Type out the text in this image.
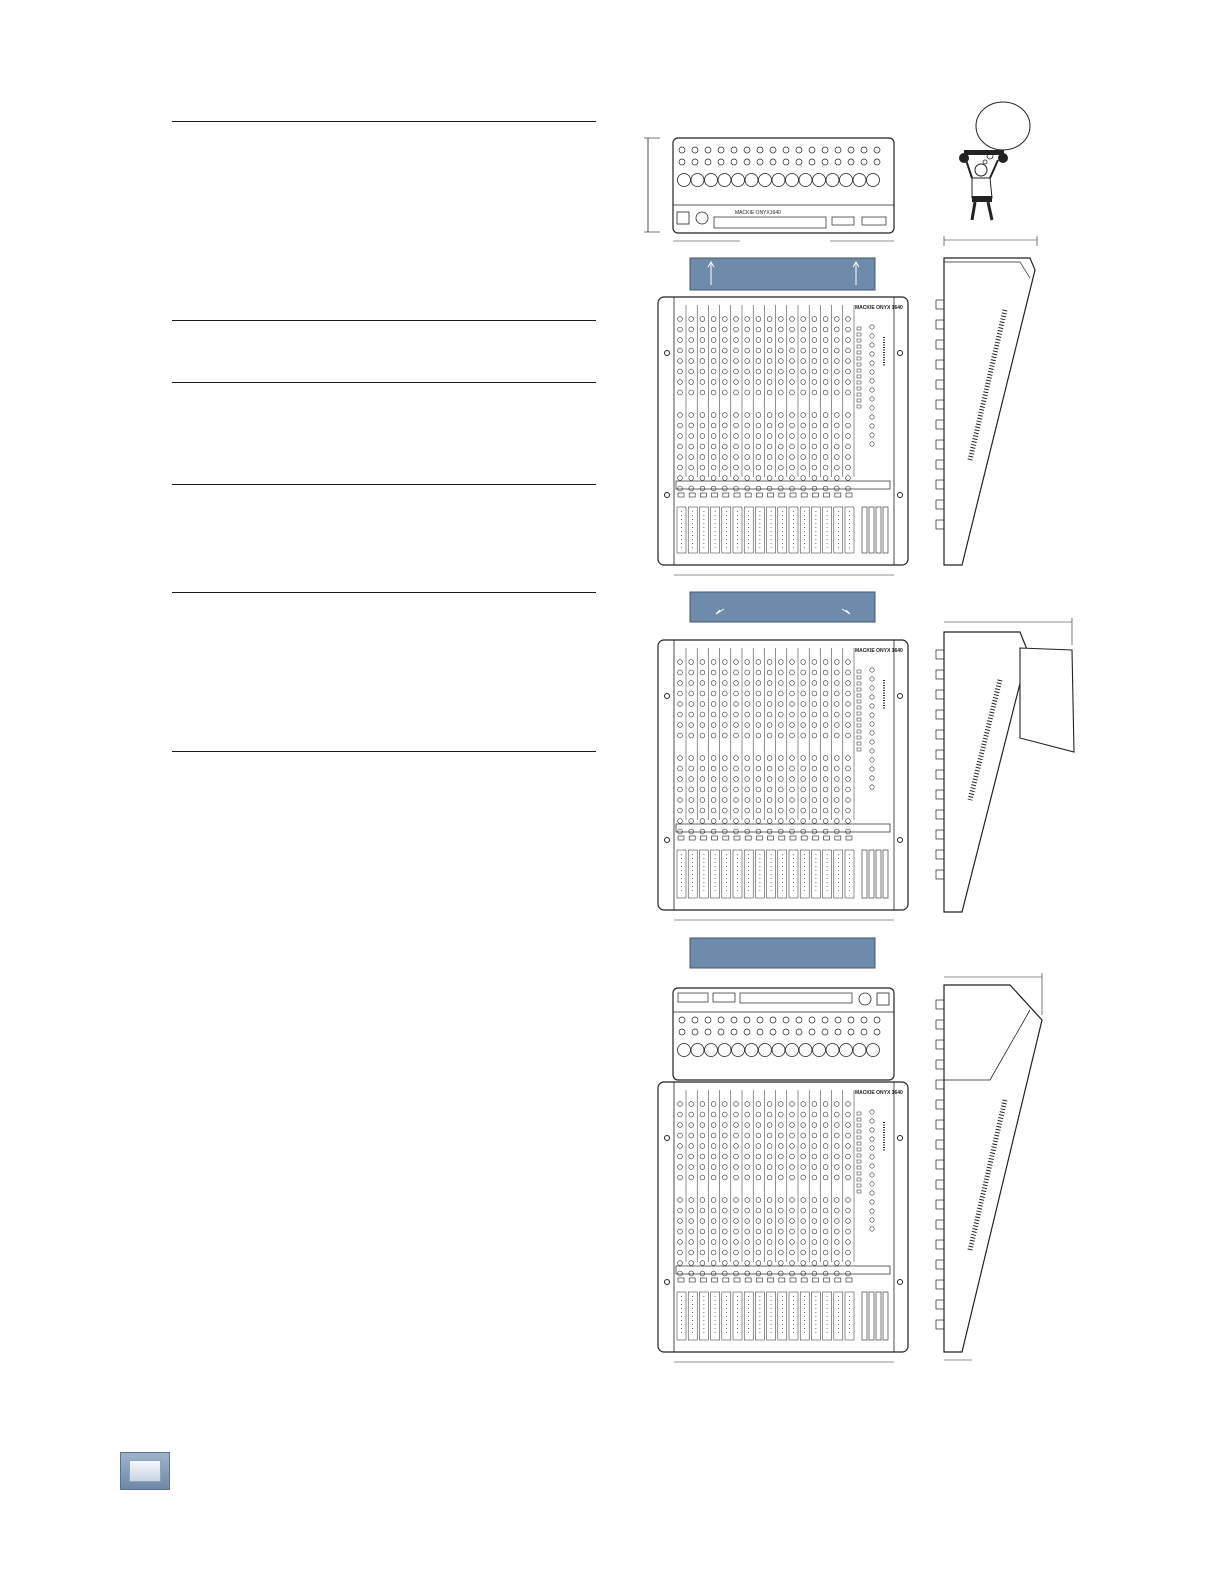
MACKIE ONYX1640
MACKIE ONYX 1640
MACKIE ONYX 1640
MACKIE ONYX 1640
